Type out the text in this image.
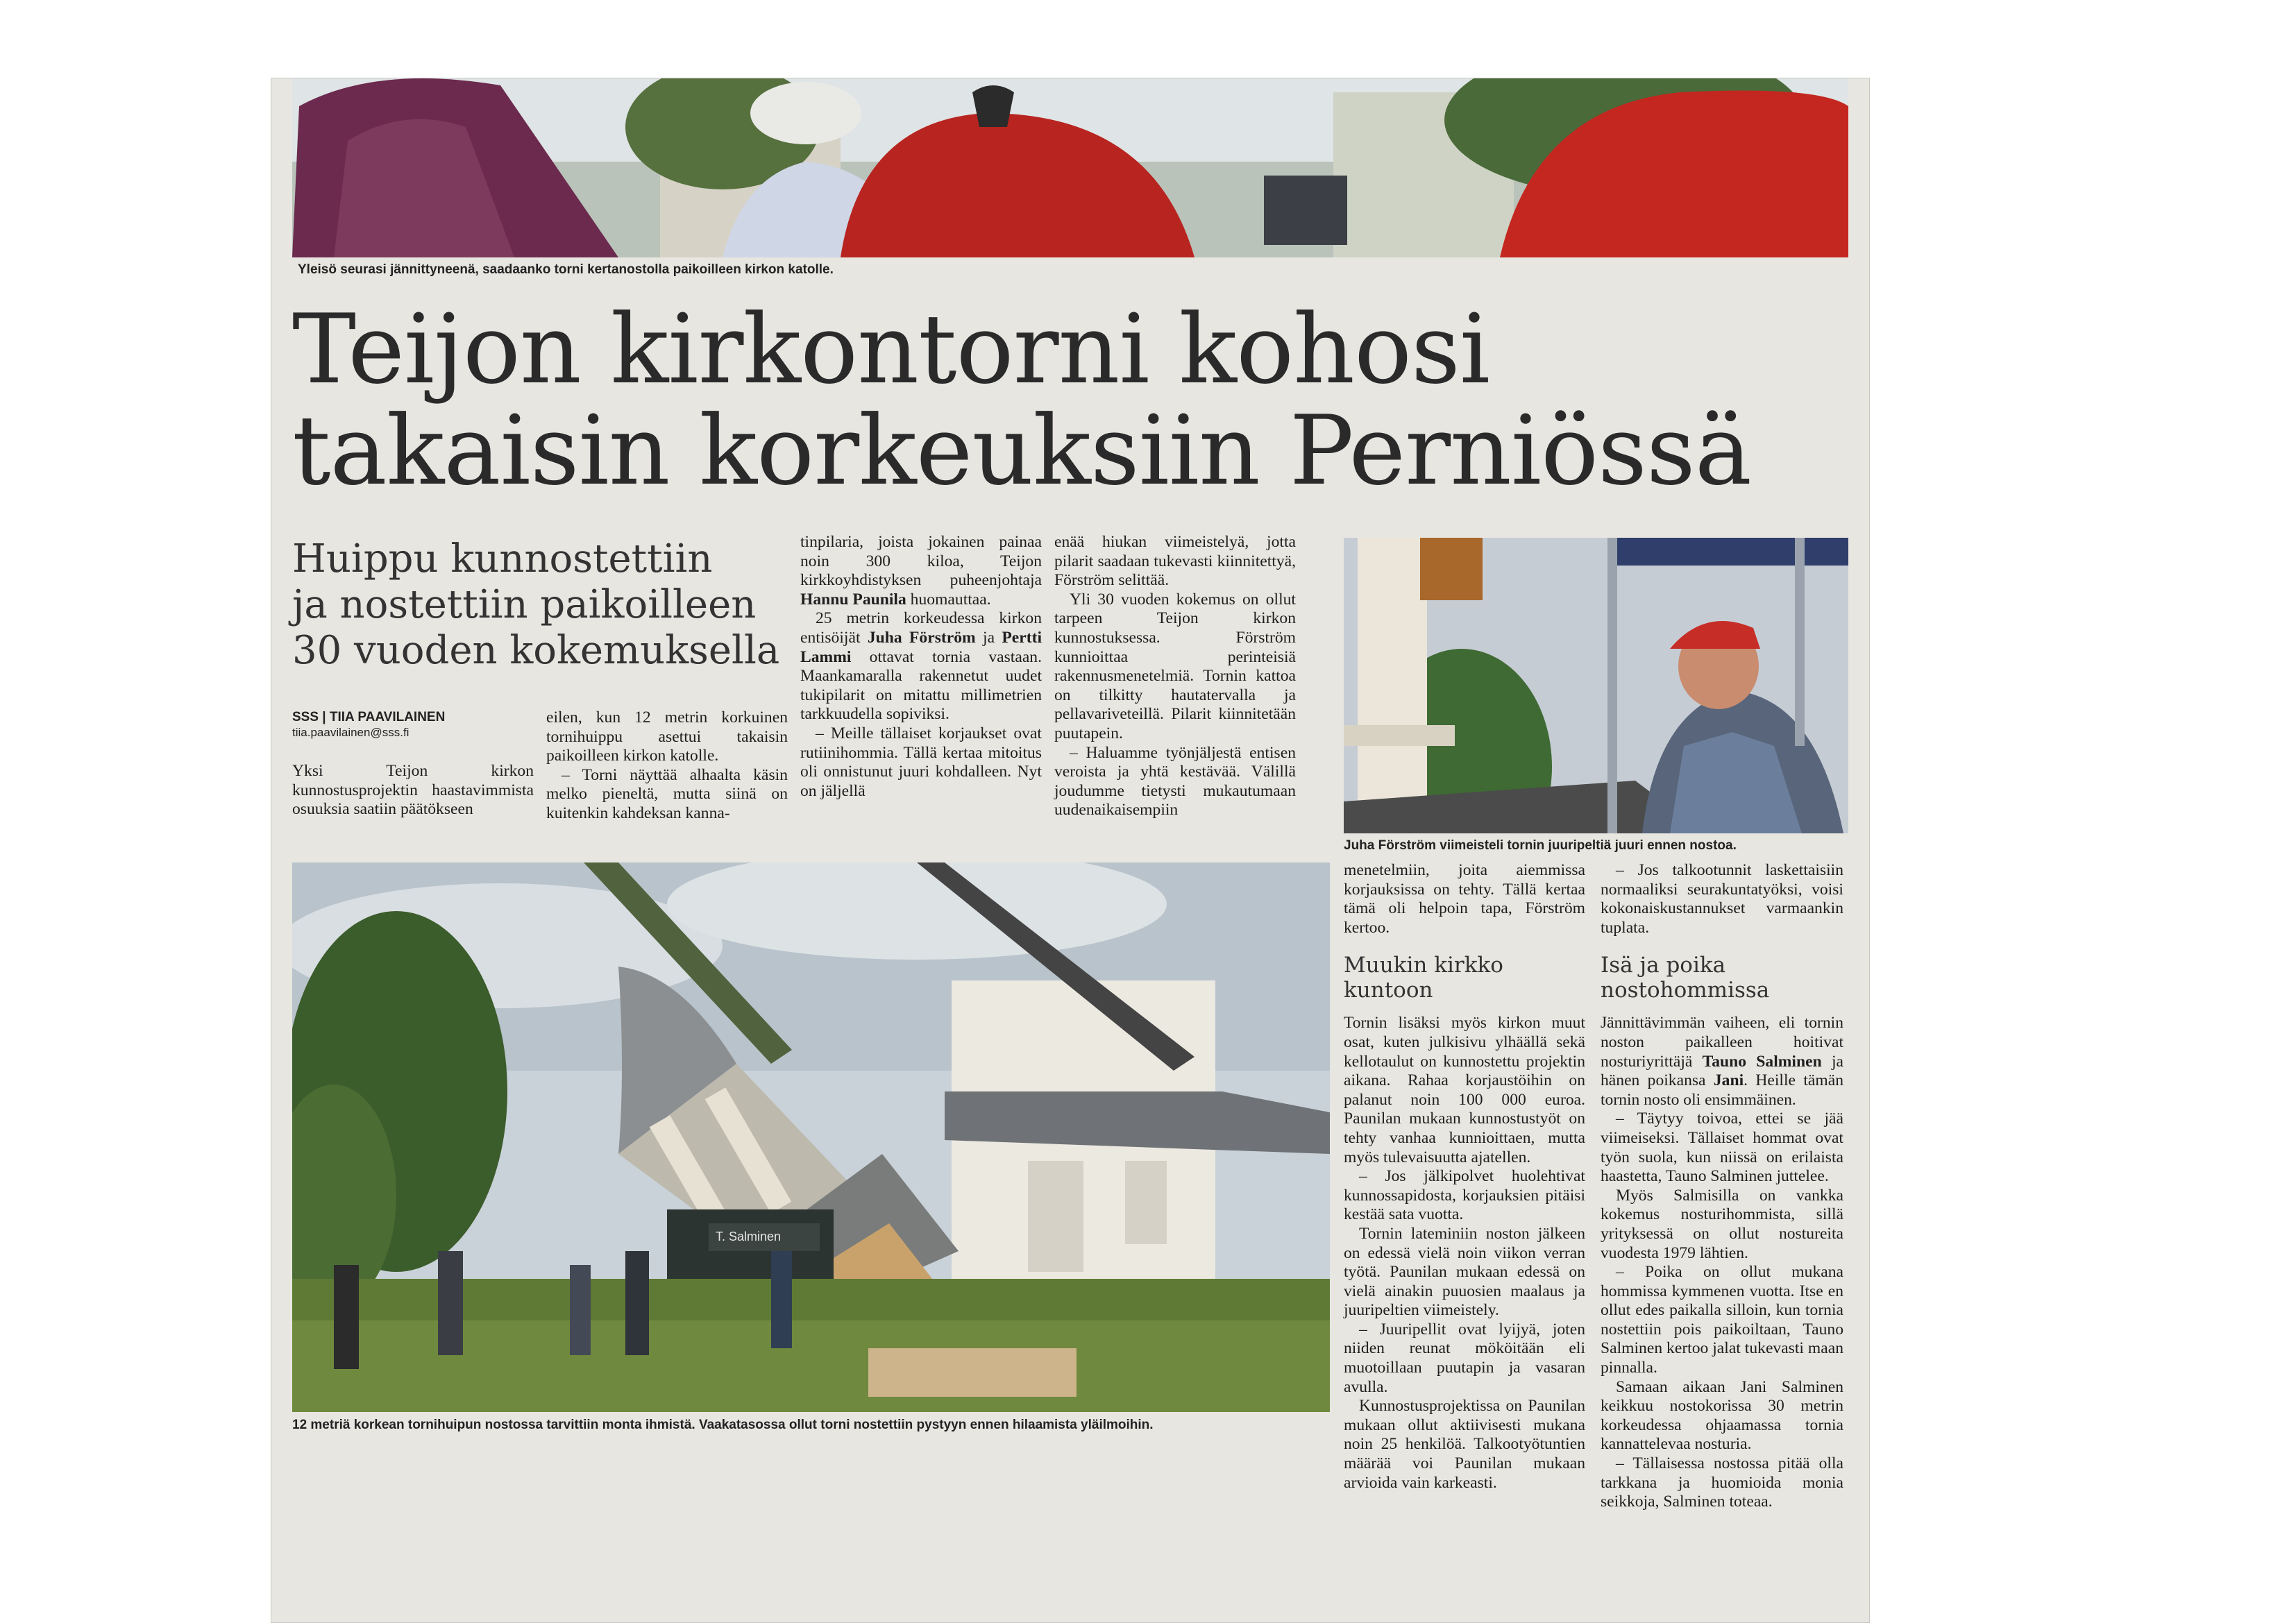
Yleisö seurasi jännittyneenä, saadaanko torni kertanostolla paikoilleen kirkon katolle.
Teijon kirkontorni kohosi
takaisin korkeuksiin Perniössä
Huippu kunnostettiin
ja nostettiin paikoilleen
30 vuoden kokemuksella
SSS | TIIA PAAVILAINEN
tiia.paavilainen@sss.fi

Yksi Teijon kirkon kunnostusprojektin haastavimmista osuuksia saatiin päätökseen

eilen, kun 12 metrin korkuinen tornihuippu asettui takaisin paikoilleen kirkon katolle.

– Torni näyttää alhaalta käsin melko pieneltä, mutta siinä on kuitenkin kahdeksan kanna-

tinpilaria, joista jokainen painaa noin 300 kiloa, Teijon kirkkoyhdistyksen puheenjohtaja Hannu Paunila huomauttaa.

25 metrin korkeudessa kirkon entisöijät Juha Förström ja Pertti Lammi ottavat tornia vastaan. Maankamaralla rakennetut uudet tukipilarit on mitattu millimetrien tarkkuudella sopiviksi.

– Meille tällaiset korjaukset ovat rutiinihommia. Tällä kertaa mitoitus oli onnistunut juuri kohdalleen. Nyt on jäljellä

enää hiukan viimeistelyä, jotta pilarit saadaan tukevasti kiinnitettyä, Förström selittää.

Yli 30 vuoden kokemus on ollut tarpeen Teijon kirkon kunnostuksessa. Förström kunnioittaa perinteisiä rakennusmenetelmiä. Tornin kattoa on tilkitty hautatervalla ja pellavariveteillä. Pilarit kiinnitetään puutapein.

– Haluamme työnjäljestä entisen veroista ja yhtä kestävää. Välillä joudumme tietysti mukautumaan uudenaikaisempiin

Juha Förström viimeisteli tornin juuripeltiä juuri ennen nostoa.
T. Salminen
12 metriä korkean tornihuipun nostossa tarvittiin monta ihmistä. Vaakatasossa ollut torni nostettiin pystyyn ennen hilaamista yläilmoihin.

menetelmiin, joita aiemmissa korjauksissa on tehty. Tällä kertaa tämä oli helpoin tapa, Förström kertoo.

Muukin kirkko
kuntoon

Tornin lisäksi myös kirkon muut osat, kuten julkisivu ylhäällä sekä kellotaulut on kunnostettu projektin aikana. Rahaa korjaustöihin on palanut noin 100 000 euroa. Paunilan mukaan kunnostustyöt on tehty vanhaa kunnioittaen, mutta myös tulevaisuutta ajatellen.

– Jos jälkipolvet huolehtivat kunnossapidosta, korjauksien pitäisi kestää sata vuotta.

Tornin lateminiin noston jälkeen on edessä vielä noin viikon verran työtä. Paunilan mukaan edessä on vielä ainakin puuosien maalaus ja juuripeltien viimeistely.

– Juuripellit ovat lyijyä, joten niiden reunat mököitään eli muotoillaan puutapin ja vasaran avulla.

Kunnostusprojektissa on Paunilan mukaan ollut aktiivisesti mukana noin 25 henkilöä. Talkootyötuntien määrää voi Paunilan mukaan arvioida vain karkeasti.

– Jos talkootunnit laskettaisiin normaaliksi seurakuntatyöksi, voisi kokonaiskustannukset varmaankin tuplata.

Isä ja poika
nostohommissa

Jännittävimmän vaiheen, eli tornin noston paikalleen hoitivat nosturiyrittäjä Tauno Salminen ja hänen poikansa Jani. Heille tämän tornin nosto oli ensimmäinen.

– Täytyy toivoa, ettei se jää viimeiseksi. Tällaiset hommat ovat työn suola, kun niissä on erilaista haastetta, Tauno Salminen juttelee.

Myös Salmisilla on vankka kokemus nosturihommista, sillä yrityksessä on ollut nostureita vuodesta 1979 lähtien.

– Poika on ollut mukana hommissa kymmenen vuotta. Itse en ollut edes paikalla silloin, kun tornia nostettiin pois paikoiltaan, Tauno Salminen kertoo jalat tukevasti maan pinnalla.

Samaan aikaan Jani Salminen keikkuu nostokorissa 30 metrin korkeudessa ohjaamassa tornia kannattelevaa nosturia.

– Tällaisessa nostossa pitää olla tarkkana ja huomioida monia seikkoja, Salminen toteaa.
